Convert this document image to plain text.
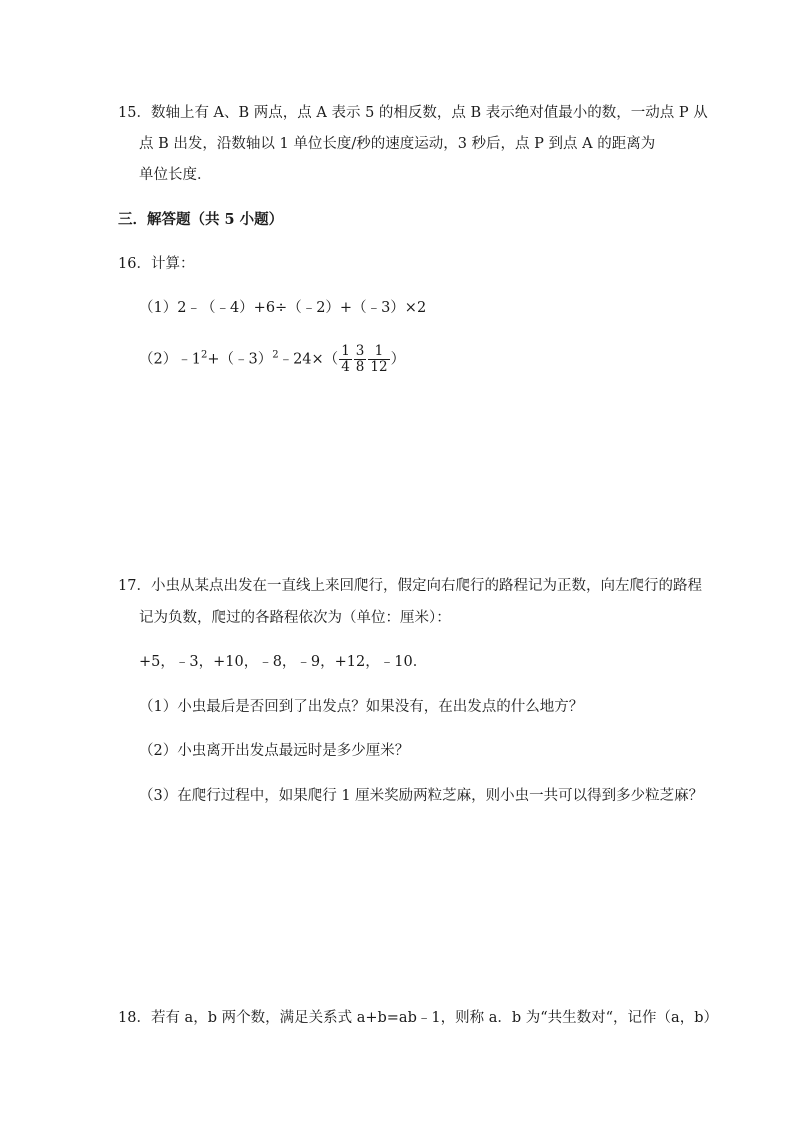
15．数轴上有 A、B 两点，点 A 表示 5 的相反数，点 B 表示绝对值最小的数，一动点 P 从
点 B 出发，沿数轴以 1 单位长度/秒的速度运动，3 秒后，点 P 到点 A 的距离为
单位长度．
三．解答题（共 5 小题）
16．计算：
（1）2﹣（﹣4）+6÷（﹣2）+（﹣3）×2
$(2)﹣1^2+(﹣3)^2﹣24\times( \frac{1}{4} \frac{3}{8} \frac{1}{12}$ ）
17．小虫从某点出发在一直线上来回爬行，假定向右爬行的路程记为正数，向左爬行的路程
记为负数，爬过的各路程依次为（单位：厘米）：
+5，﹣3，+10，﹣8，﹣9，+12，﹣10．
（1）小虫最后是否回到了出发点？如果没有，在出发点的什么地方？
（2）小虫离开出发点最远时是多少厘米？
（3）在爬行过程中，如果爬行 1 厘米奖励两粒芝麻，则小虫一共可以得到多少粒芝麻？
18．若有 a，b 两个数，满足关系式 a+b=ab﹣1，则称 a．b 为“共生数对“，记作（a，b）
